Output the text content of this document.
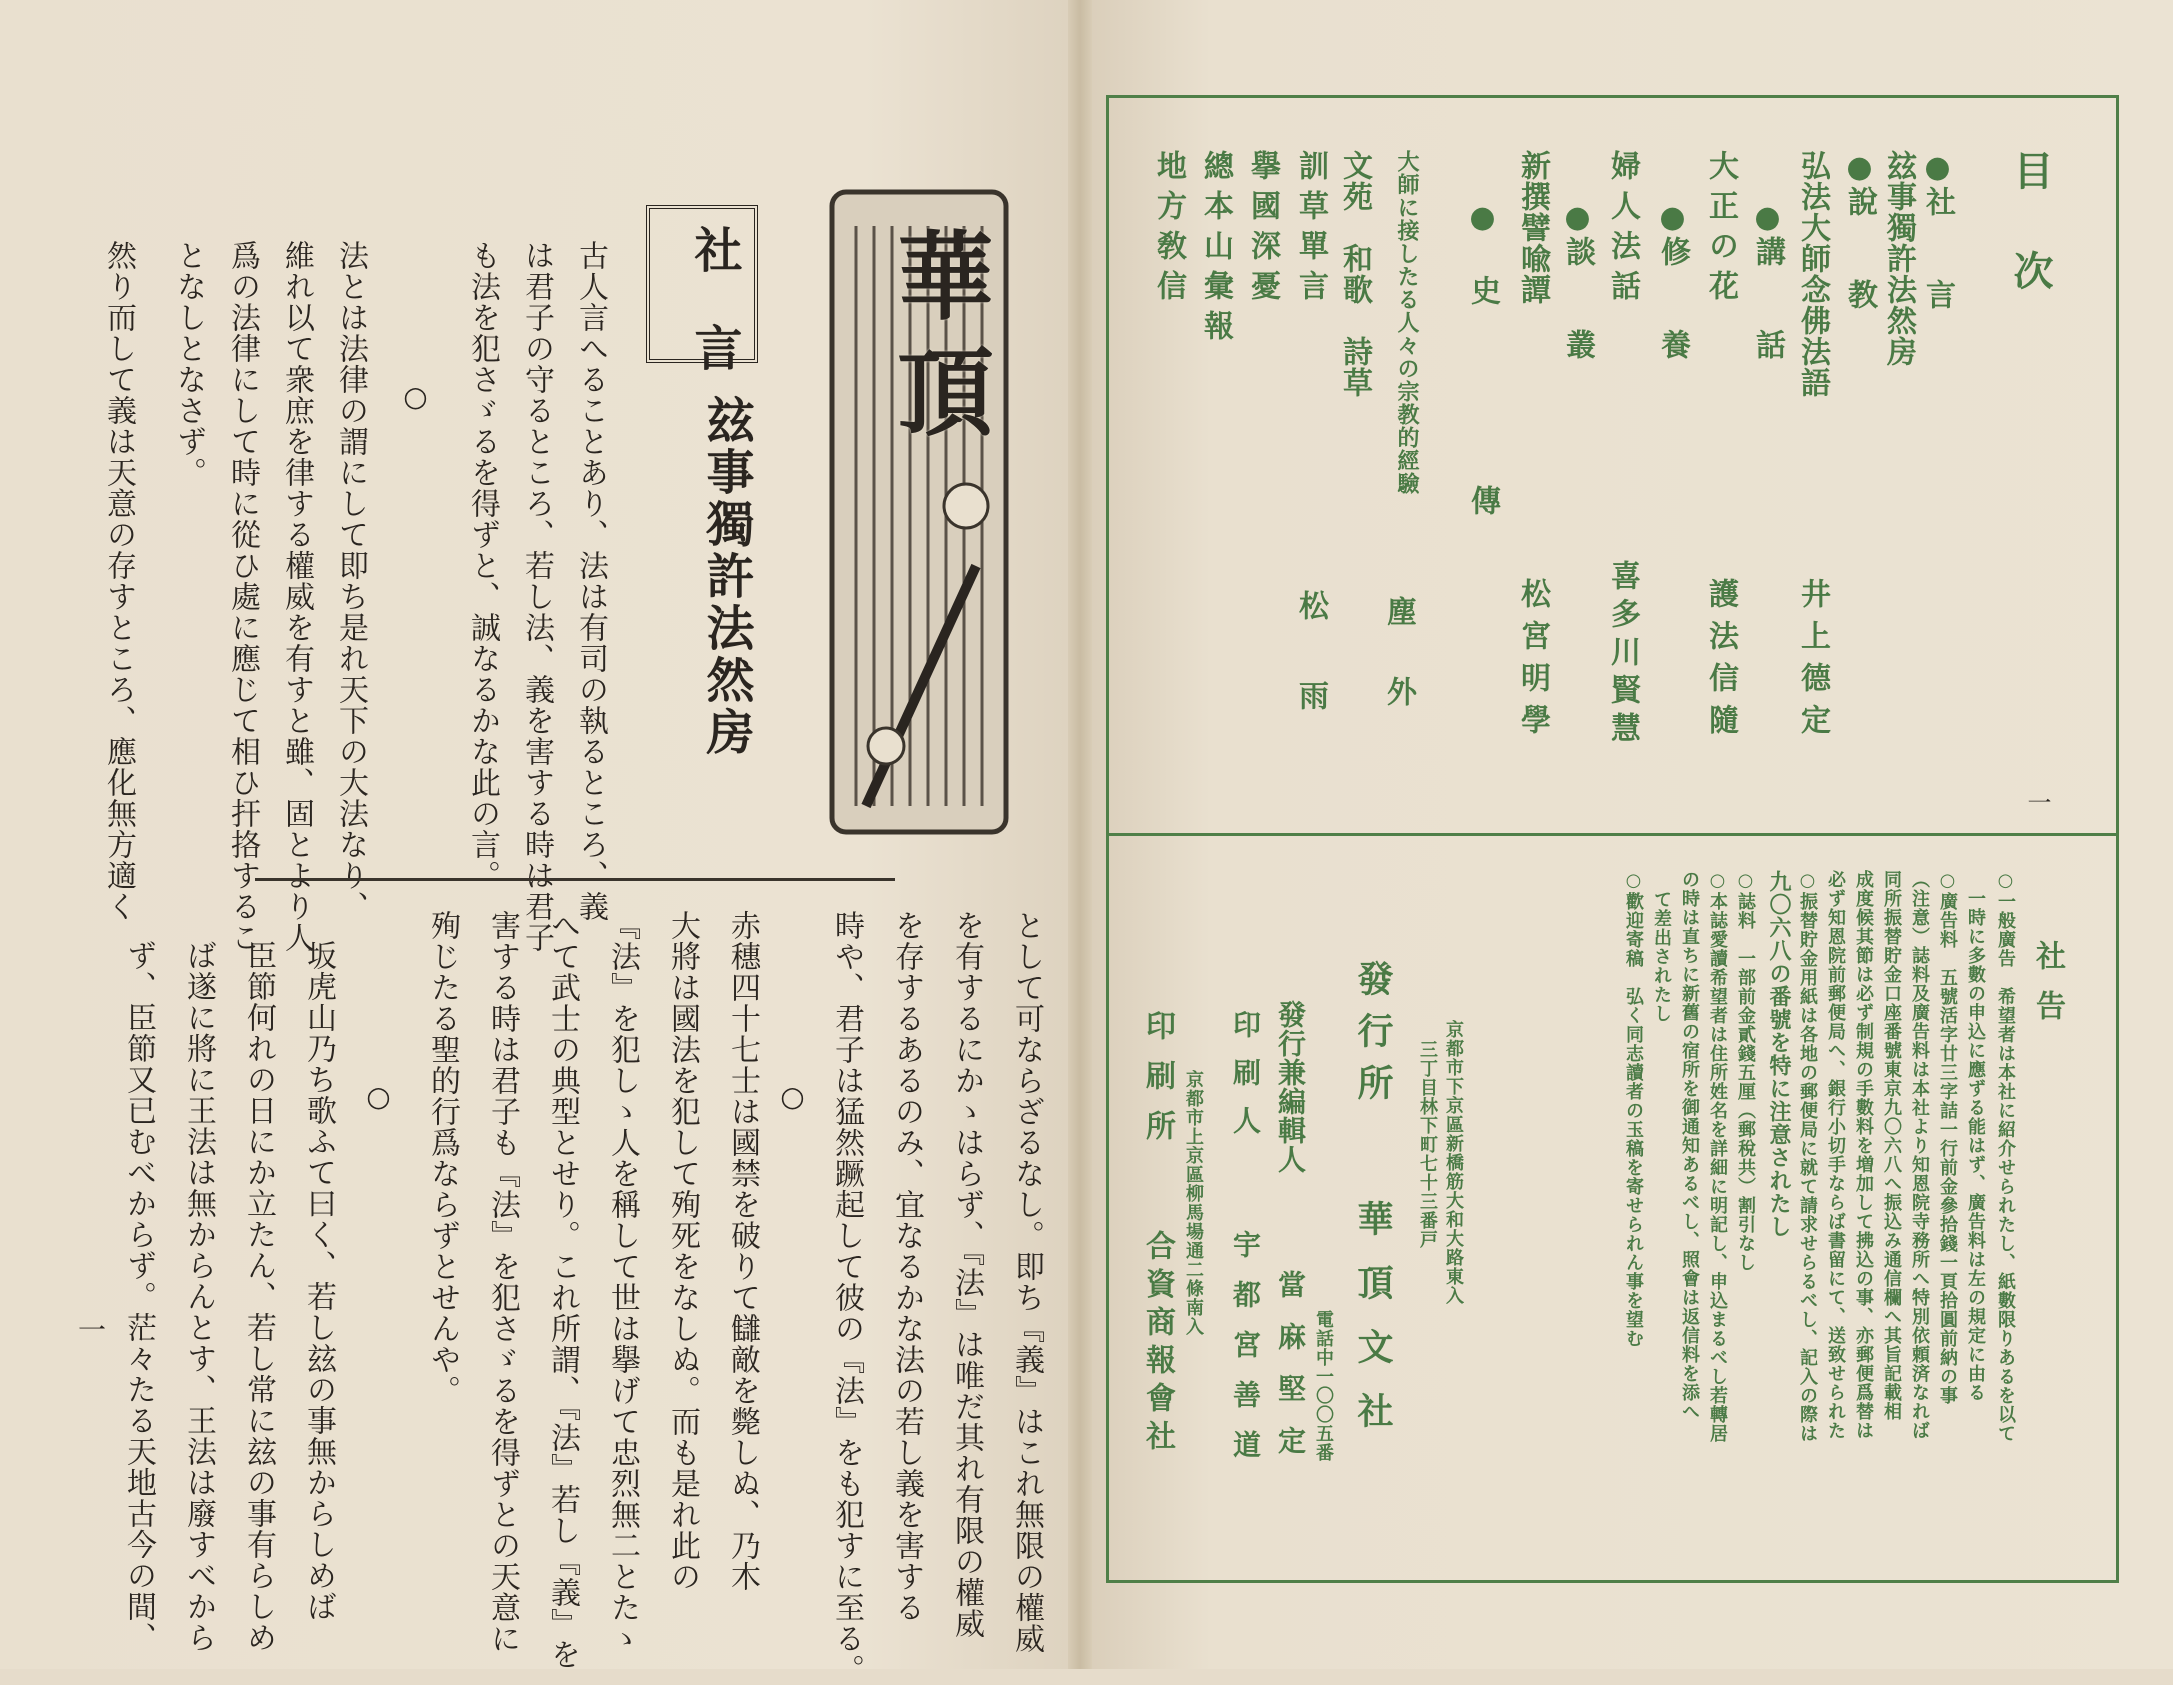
華頂
社　言
玆事獨許法然房
古人言へることあり、法は有司の執るところ、義
は君子の守るところ、若し法、義を害する時は君子
も法を犯さゞるを得ずと、誠なるかな此の言。
○
法とは法律の謂にして即ち是れ天下の大法なり、
維れ以て衆庶を律する權威を有すと雖、固とより人
爲の法律にして時に從ひ處に應じて相ひ扞挌するこ
となしとなさず。
然り而して義は天意の存すところ、應化無方適く
として可ならざるなし。即ち『義』はこれ無限の權威
を有するにかゝはらず、『法』は唯だ其れ有限の權威
を存するあるのみ、宜なるかな法の若し義を害する
時や、君子は猛然蹶起して彼の『法』をも犯すに至る。
○
赤穗四十七士は國禁を破りて讎敵を斃しぬ、乃木
大將は國法を犯して殉死をなしぬ。而も是れ此の
『法』を犯しゝ人を稱して世は擧げて忠烈無二とたゝ
へて武士の典型とせり。これ所謂、『法』若し『義』を
害する時は君子も『法』を犯さゞるを得ずとの天意に
殉じたる聖的行爲ならずとせんや。
○
坂虎山乃ち歌ふて曰く、若し玆の事無からしめば
臣節何れの日にか立たん、若し常に玆の事有らしめ
ば遂に將に王法は無からんとす、王法は廢すべから
ず、臣節又已むべからず。茫々たる天地古今の間、
一
目　次
●社　　言
玆事獨許法然房
●說　　教
弘法大師念佛法語
井上德定
●講　　話
大正の花
護法信隨
●修　　養
婦人法話
喜多川賢慧
●談　　叢
新撰譬喩譚
松宮明學
●史　　傳
大師に接したる人々の宗教的經驗
塵外
文苑　和歌　詩草
訓草單言
松雨
擧國深憂
總本山彙報
地方敎信
一
社告
○一般廣告　希望者は本社に紹介せられたし、紙數限りあるを以て
　一時に多數の申込に應ずる能はず、廣告料は左の規定に由る
○廣告料　五號活字廿三字詰一行前金參拾錢一頁拾圓前納の事
（注意）誌料及廣告料は本社より知恩院寺務所へ特別依頼済なれば
同所振替貯金口座番號東京九〇六八へ振込み通信欄へ其旨記載相
成度候其節は必ず制規の手數料を増加して拂込の事、亦郵便爲替は
必ず知恩院前郵便局へ、銀行小切手ならば書留にて、送致せられた
○振替貯金用紙は各地の郵便局に就て請求せらるべし、記入の際は
九〇六八の番號を特に注意されたし
○誌料　一部前金貳錢五厘（郵稅共）割引なし
○本誌愛讀希望者は住所姓名を詳細に明記し、申込まるべし若轉居
の時は直ちに新舊の宿所を御通知あるべし、照會は返信料を添へ
て差出されたし
○歡迎寄稿　弘く同志讀者の玉稿を寄せられん事を望む
京都市下京區新橋筋大和大路東入
三丁目林下町七十三番戸
發行所
華頂文社
電話中一〇〇五番
發行兼編輯人
當麻堅定
印刷人
宇都宮善道
京都市上京區柳馬場通二條南入
印刷所
合資商報會社
